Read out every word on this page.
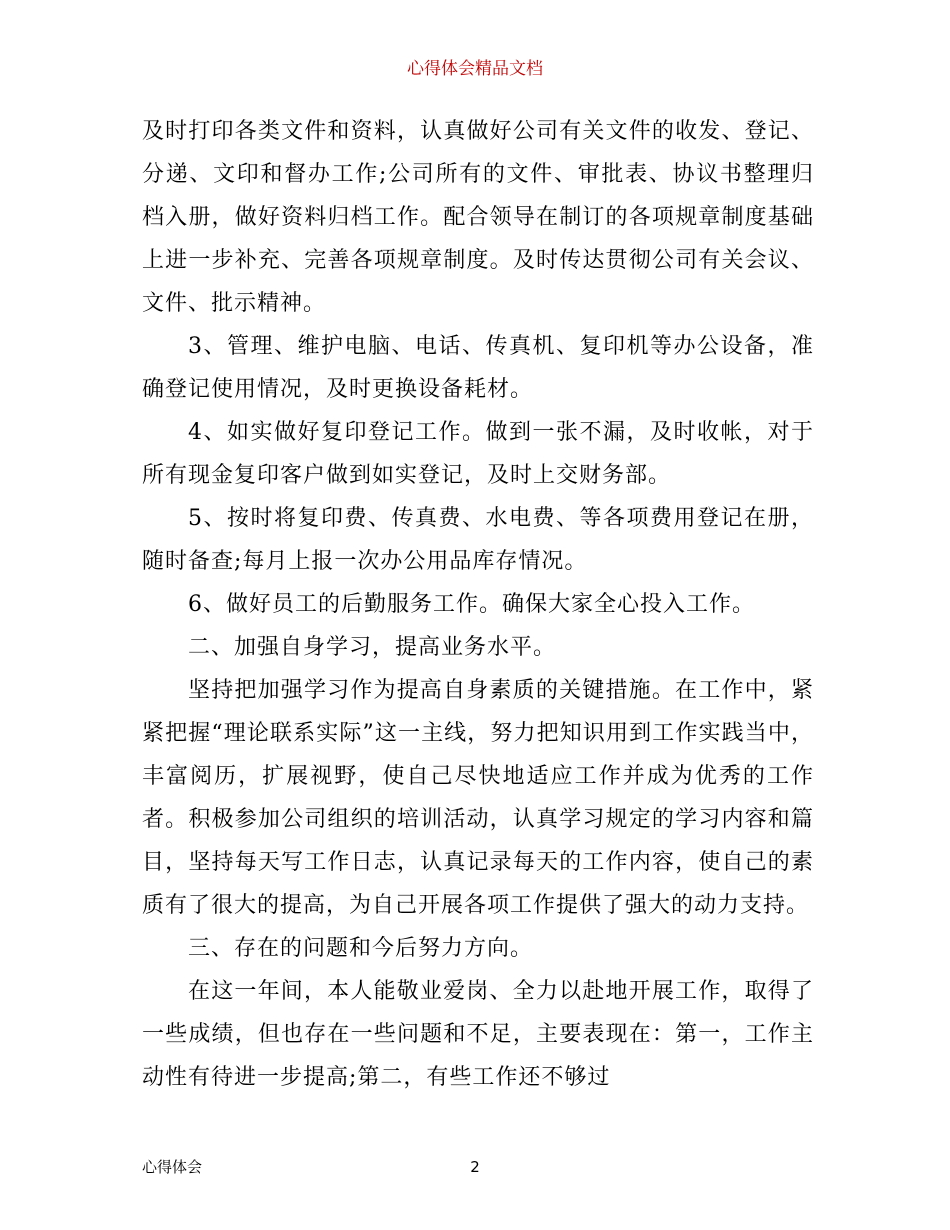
心得体会精品文档

及时打印各类文件和资料，认真做好公司有关文件的收发、登记、分递、文印和督办工作;公司所有的文件、审批表、协议书整理归档入册，做好资料归档工作。配合领导在制订的各项规章制度基础上进一步补充、完善各项规章制度。及时传达贯彻公司有关会议、文件、批示精神。

3、管理、维护电脑、电话、传真机、复印机等办公设备，准确登记使用情况，及时更换设备耗材。

4、如实做好复印登记工作。做到一张不漏，及时收帐，对于所有现金复印客户做到如实登记，及时上交财务部。

5、按时将复印费、传真费、水电费、等各项费用登记在册，随时备查;每月上报一次办公用品库存情况。

6、做好员工的后勤服务工作。确保大家全心投入工作。

二、加强自身学习，提高业务水平。

坚持把加强学习作为提高自身素质的关键措施。在工作中，紧紧把握“理论联系实际”这一主线，努力把知识用到工作实践当中，丰富阅历，扩展视野，使自己尽快地适应工作并成为优秀的工作者。积极参加公司组织的培训活动，认真学习规定的学习内容和篇目，坚持每天写工作日志，认真记录每天的工作内容，使自己的素质有了很大的提高，为自己开展各项工作提供了强大的动力支持。

三、存在的问题和今后努力方向。

在这一年间，本人能敬业爱岗、全力以赴地开展工作，取得了一些成绩，但也存在一些问题和不足，主要表现在：第一，工作主动性有待进一步提高;第二，有些工作还不够过

心得体会	2
